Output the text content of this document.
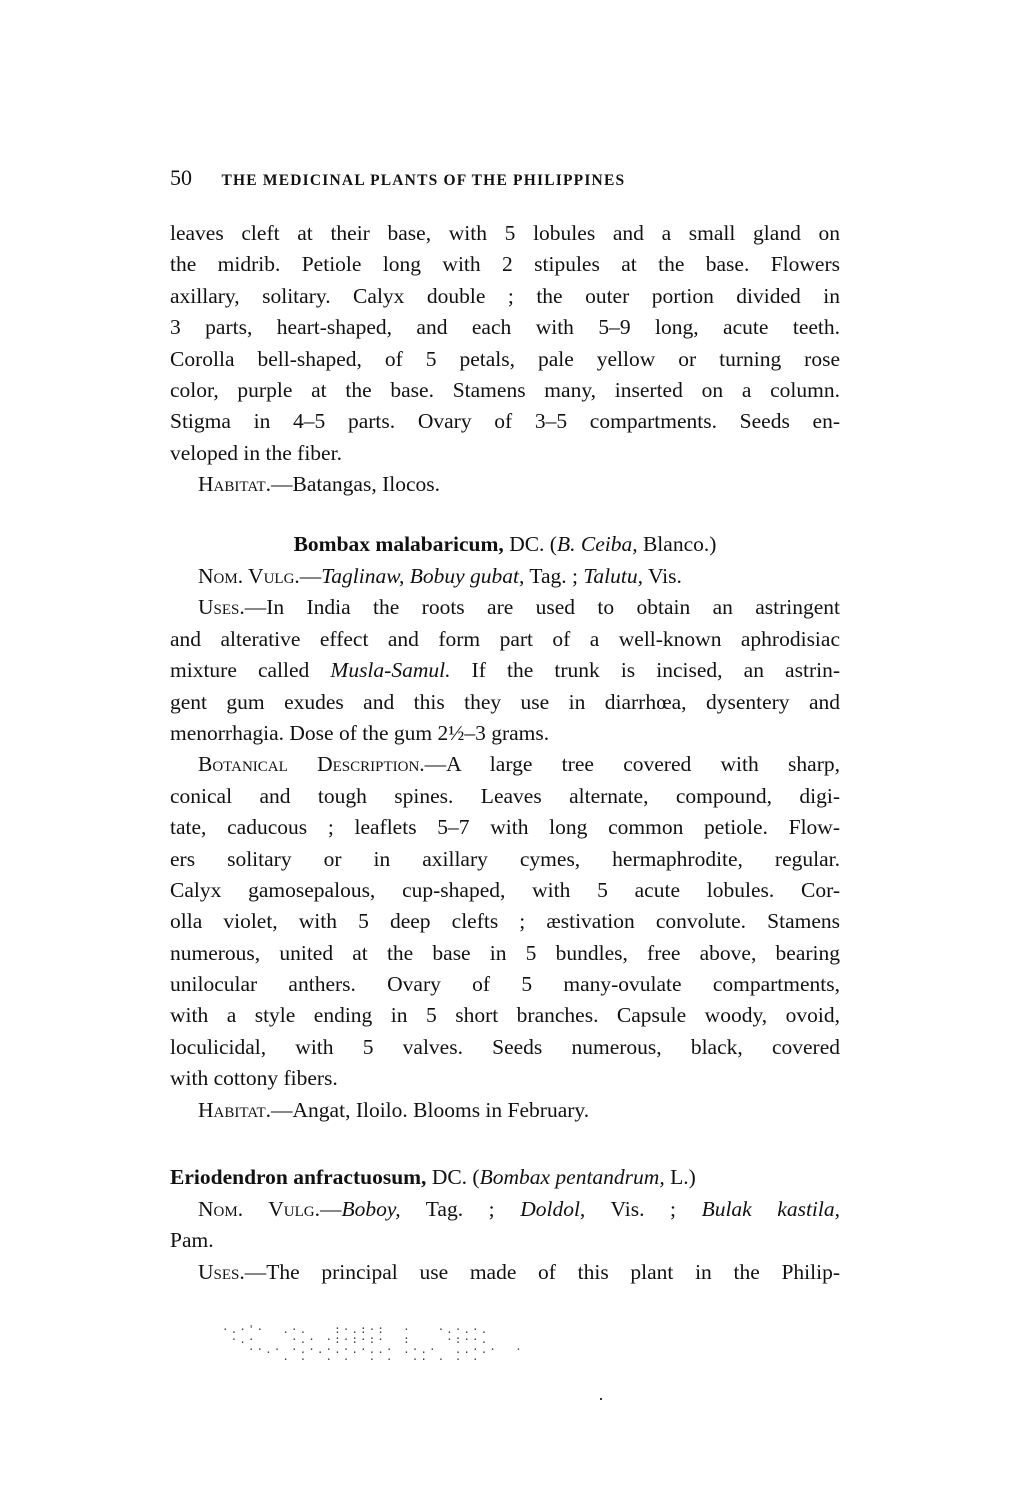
50 THE MEDICINAL PLANTS OF THE PHILIPPINES
leaves cleft at their base, with 5 lobules and a small gland on
the midrib. Petiole long with 2 stipules at the base. Flowers
axillary, solitary. Calyx double ; the outer portion divided in
3 parts, heart-shaped, and each with 5–9 long, acute teeth.
Corolla bell-shaped, of 5 petals, pale yellow or turning rose
color, purple at the base. Stamens many, inserted on a column.
Stigma in 4–5 parts. Ovary of 3–5 compartments. Seeds en-
veloped in the fiber.
Habitat.—Batangas, Ilocos.
Bombax malabaricum, DC. (B. Ceiba, Blanco.)
Nom. Vulg.—Taglinaw, Bobuy gubat, Tag. ; Talutu, Vis.
Uses.—In India the roots are used to obtain an astringent
and alterative effect and form part of a well-known aphrodisiac
mixture called Musla-Samul. If the trunk is incised, an astrin-
gent gum exudes and this they use in diarrhœa, dysentery and
menorrhagia. Dose of the gum 2½–3 grams.
Botanical Description.—A large tree covered with sharp,
conical and tough spines. Leaves alternate, compound, digi-
tate, caducous ; leaflets 5–7 with long common petiole. Flow-
ers solitary or in axillary cymes, hermaphrodite, regular.
Calyx gamosepalous, cup-shaped, with 5 acute lobules. Cor-
olla violet, with 5 deep clefts ; æstivation convolute. Stamens
numerous, united at the base in 5 bundles, free above, bearing
unilocular anthers. Ovary of 5 many-ovulate compartments,
with a style ending in 5 short branches. Capsule woody, ovoid,
loculicidal, with 5 valves. Seeds numerous, black, covered
with cottony fibers.
Habitat.—Angat, Iloilo. Blooms in February.
Eriodendron anfractuosum, DC. (Bombax pentandrum, L.)
Nom. Vulg.—Boboy, Tag. ; Doldol, Vis. ; Bulak kastila,
Pam.
Uses.—The principal use made of this plant in the Philip-
·.·'·  .·.   :·.:·:  ·   ·.·.·.
·.·    ·.· ·:·:·:·  :    ·:··.
··.· ·.·.·.·.·..· .·.·  ..·.·  ·
· ·  · ·  · ·  ·· · · ·
